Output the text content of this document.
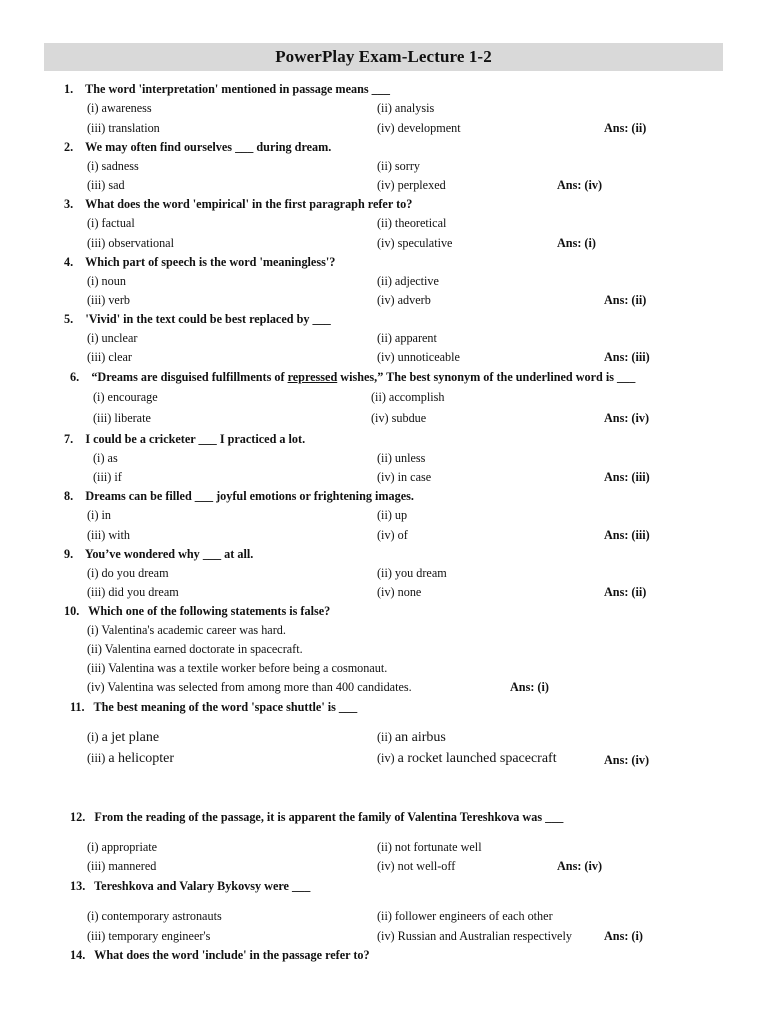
PowerPlay Exam-Lecture 1-2
1. The word 'interpretation' mentioned in passage means ___
(i) awareness	(ii) analysis
(iii) translation	(iv) development	Ans: (ii)
2. We may often find ourselves ___ during dream.
(i) sadness	(ii) sorry
(iii) sad	(iv) perplexed	Ans: (iv)
3. What does the word 'empirical' in the first paragraph refer to?
(i) factual	(ii) theoretical
(iii) observational	(iv) speculative	Ans: (i)
4. Which part of speech is the word 'meaningless'?
(i) noun	(ii) adjective
(iii) verb	(iv) adverb	Ans: (ii)
5. 'Vivid' in the text could be best replaced by ___
(i) unclear	(ii) apparent
(iii) clear	(iv) unnoticeable	Ans: (iii)
6. “Dreams are disguised fulfillments of repressed wishes,” The best synonym of the underlined word is ___
(i) encourage	(ii) accomplish
(iii) liberate	(iv) subdue	Ans: (iv)
7. I could be a cricketer ___ I practiced a lot.
(i) as	(ii) unless
(iii) if	(iv) in case	Ans: (iii)
8. Dreams can be filled ___ joyful emotions or frightening images.
(i) in	(ii) up
(iii) with	(iv) of	Ans: (iii)
9. You’ve wondered why ___ at all.
(i) do you dream	(ii) you dream
(iii) did you dream	(iv) none	Ans: (ii)
10. Which one of the following statements is false?
(i) Valentina's academic career was hard.
(ii) Valentina earned doctorate in spacecraft.
(iii) Valentina was a textile worker before being a cosmonaut.
(iv) Valentina was selected from among more than 400 candidates.	Ans: (i)
11. The best meaning of the word 'space shuttle' is ___
(i) a jet plane	(ii) an airbus
(iii) a helicopter	(iv) a rocket launched spacecraft	Ans: (iv)
12. From the reading of the passage, it is apparent the family of Valentina Tereshkova was ___
(i) appropriate	(ii) not fortunate well
(iii) mannered	(iv) not well-off	Ans: (iv)
13. Tereshkova and Valary Bykovsy were ___
(i) contemporary astronauts	(ii) follower engineers of each other
(iii) temporary engineer's	(iv) Russian and Australian respectively	Ans: (i)
14. What does the word 'include' in the passage refer to?
